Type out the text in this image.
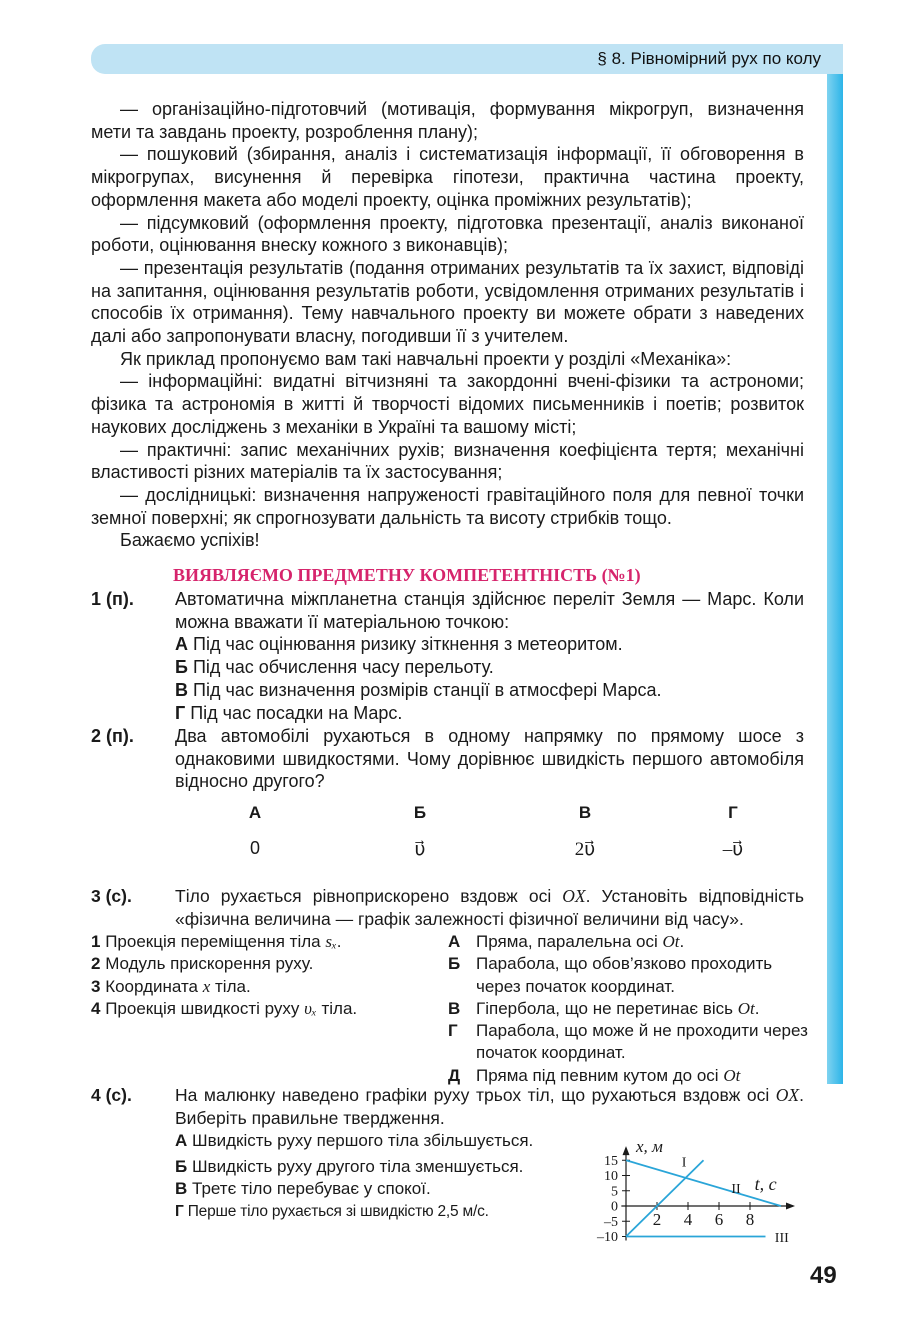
§ 8. Рівномірний рух по колу

— організаційно-підготовчий (мотивація, формування мікрогруп, визначення мети та завдань проекту, розроблення плану);

— пошуковий (збирання, аналіз і систематизація інформації, її обговорення в мікрогрупах, висунення й перевірка гіпотези, практична частина проекту, оформлення макета або моделі проекту, оцінка проміжних результатів);

— підсумковий (оформлення проекту, підготовка презентації, аналіз виконаної роботи, оцінювання внеску кожного з виконавців);

— презентація результатів (подання отриманих результатів та їх захист, відповіді на запитання, оцінювання результатів роботи, усвідомлення отриманих результатів і способів їх отримання). Тему навчального проекту ви можете обрати з наведених далі або запропонувати власну, погодивши її з учителем.

Як приклад пропонуємо вам такі навчальні проекти у розділі «Механіка»:

— інформаційні: видатні вітчизняні та закордонні вчені-фізики та астрономи; фізика та астрономія в житті й творчості відомих письменників і поетів; розвиток наукових досліджень з механіки в Україні та вашому місті;

— практичні: запис механічних рухів; визначення коефіцієнта тертя; механічні властивості різних матеріалів та їх застосування;

— дослідницькі: визначення напруженості гравітаційного поля для певної точки земної поверхні; як спрогнозувати дальність та висоту стрибків тощо.

Бажаємо успіхів!

ВИЯВЛЯЄМО ПРЕДМЕТНУ КОМПЕТЕНТНІСТЬ (№1)
1 (п). Автоматична міжпланетна станція здійснює переліт Земля — Марс. Коли можна вважати її матеріальною точкою:
А Під час оцінювання ризику зіткнення з метеоритом.
Б Під час обчислення часу перельоту.
В Під час визначення розмірів станції в атмосфері Марса.
Г Під час посадки на Марс.
2 (п). Два автомобілі рухаються в одному напрямку по прямому шосе з однаковими швидкостями. Чому дорівнює швидкість першого автомобіля відносно другого?
А	Б	В	Г
0	υ⃗	2υ⃗	–υ⃗
3 (с). Тіло рухається рівноприскорено вздовж осі OX. Установіть відповідність «фізична величина — графік залежності фізичної величини від часу».
1 Проекція переміщення тіла sₓ.
2 Модуль прискорення руху.
3 Координата x тіла.
4 Проекція швидкості руху υₓ тіла.
А Пряма, паралельна осі Ot.
Б Парабола, що обов’язково проходить через початок координат.
В Гіпербола, що не перетинає вісь Ot.
Г Парабола, що може й не проходити через початок координат.
Д Пряма під певним кутом до осі Ot
4 (с). На малюнку наведено графіки руху трьох тіл, що рухаються вздовж осі OX. Виберіть правильне твердження.
А Швидкість руху першого тіла збільшується.
Б Швидкість руху другого тіла зменшується.
В Третє тіло перебуває у спокої.
Г Перше тіло рухається зі швидкістю 2,5 м/с.	2 4 6 8
15
10
5
0
–5
–10
I
II
III
x, м
t, с
49
